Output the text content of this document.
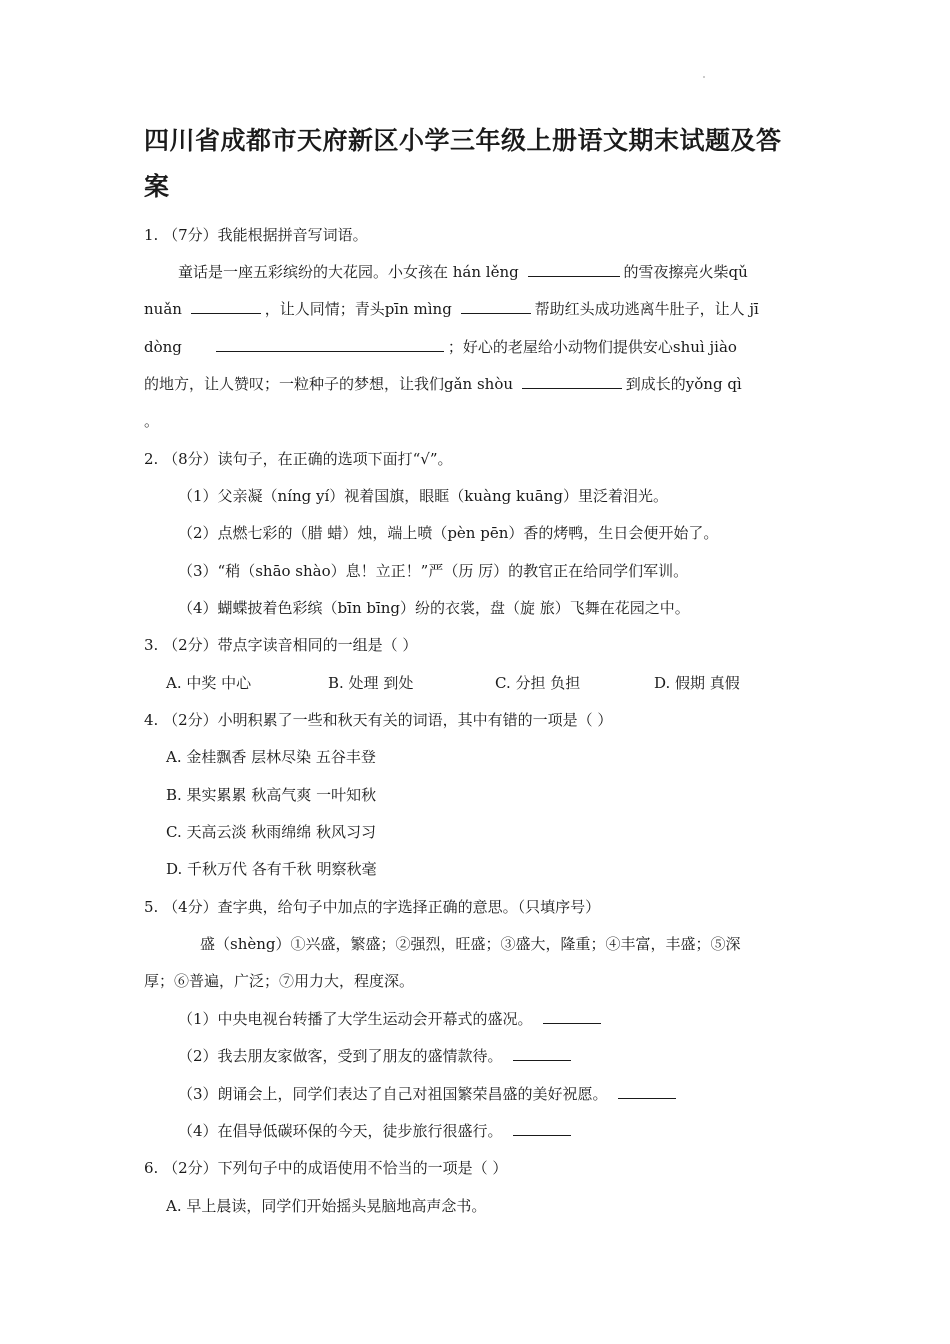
四川省成都市天府新区小学三年级上册语文期末试题及答
案
1. （7分）我能根据拼音写词语。
童话是一座五彩缤纷的大花园。小女孩在 hán lěng	的雪夜擦亮火柴qǔ
nuǎn	，让人同情；青头pīn mìng	帮助红头成功逃离牛肚子，让人 jī
dòng	；好心的老屋给小动物们提供安心shuì jiào
的地方，让人赞叹；一粒种子的梦想，让我们gǎn shòu	到成长的yǒng qì
。
2. （8分）读句子，在正确的选项下面打“√”。
（1）父亲凝（níng yí）视着国旗，眼眶（kuàng kuāng）里泛着泪光。
（2）点燃七彩的（腊 蜡）烛，端上喷（pèn pēn）香的烤鸭，生日会便开始了。
（3）“稍（shāo shào）息！立正！”严（历 厉）的教官正在给同学们军训。
（4）蝴蝶披着色彩缤（bīn bīng）纷的衣裳，盘（旋 旅）飞舞在花园之中。
3. （2分）带点字读音相同的一组是（ ）
A. 中奖 中心	B. 处理 到处	C. 分担 负担	D. 假期 真假
4. （2分）小明积累了一些和秋天有关的词语，其中有错的一项是（ ）
A. 金桂飘香 层林尽染 五谷丰登
B. 果实累累 秋高气爽 一叶知秋
C. 天高云淡 秋雨绵绵 秋风习习
D. 千秋万代 各有千秋 明察秋毫
5. （4分）查字典，给句子中加点的字选择正确的意思。（只填序号）
盛（shèng）①兴盛，繁盛；②强烈，旺盛；③盛大，隆重；④丰富，丰盛；⑤深
厚；⑥普遍，广泛；⑦用力大，程度深。
（1）中央电视台转播了大学生运动会开幕式的盛况。
（2）我去朋友家做客，受到了朋友的盛情款待。
（3）朗诵会上，同学们表达了自己对祖国繁荣昌盛的美好祝愿。
（4）在倡导低碳环保的今天，徒步旅行很盛行。
6. （2分）下列句子中的成语使用不恰当的一项是（ ）
A. 早上晨读，同学们开始摇头晃脑地高声念书。
